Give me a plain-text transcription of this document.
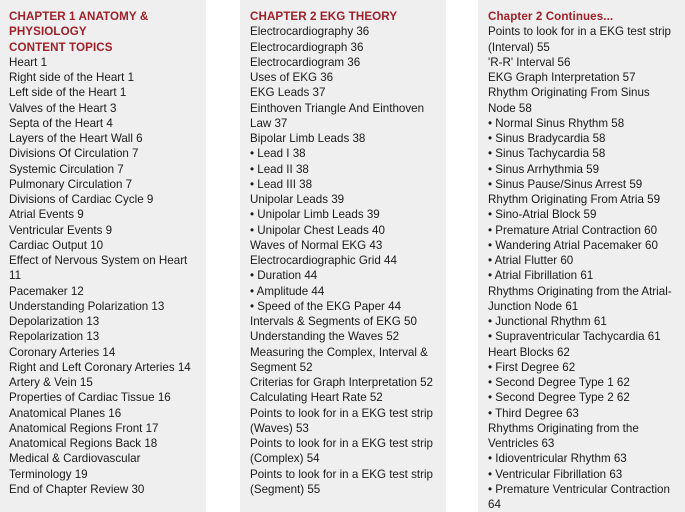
CHAPTER 1 ANATOMY &
PHYSIOLOGY
CONTENT TOPICS
Heart 1
Right side of the Heart 1
Left side of the Heart 1
Valves of the Heart 3
Septa of the Heart 4
Layers of the Heart Wall 6
Divisions Of Circulation 7
Systemic Circulation 7
Pulmonary Circulation 7
Divisions of Cardiac Cycle 9
Atrial Events 9
Ventricular Events 9
Cardiac Output 10
Effect of Nervous System on Heart
11
Pacemaker 12
Understanding Polarization 13
Depolarization 13
Repolarization 13
Coronary Arteries 14
Right and Left Coronary Arteries 14
Artery & Vein 15
Properties of Cardiac Tissue 16
Anatomical Planes 16
Anatomical Regions Front 17
Anatomical Regions Back 18
Medical & Cardiovascular
Terminology 19
End of Chapter Review 30
CHAPTER 2 EKG THEORY
Electrocardiography 36
Electrocardiograph 36
Electrocardiogram 36
Uses of EKG 36
EKG Leads 37
Einthoven Triangle And Einthoven
Law 37
Bipolar Limb Leads 38
• Lead I 38
• Lead II 38
• Lead III 38
Unipolar Leads 39
• Unipolar Limb Leads 39
• Unipolar Chest Leads 40
Waves of Normal EKG 43
Electrocardiographic Grid 44
• Duration 44
• Amplitude 44
• Speed of the EKG Paper 44
Intervals & Segments of EKG 50
Understanding the Waves 52
Measuring the Complex, Interval &
Segment 52
Criterias for Graph Interpretation 52
Calculating Heart Rate 52
Points to look for in a EKG test strip
(Waves) 53
Points to look for in a EKG test strip
(Complex) 54
Points to look for in a EKG test strip
(Segment) 55
Chapter 2 Continues...
Points to look for in a EKG test strip
(Interval) 55
'R-R' Interval 56
EKG Graph Interpretation 57
Rhythm Originating From Sinus
Node 58
• Normal Sinus Rhythm 58
• Sinus Bradycardia 58
• Sinus Tachycardia 58
• Sinus Arrhythmia 59
• Sinus Pause/Sinus Arrest 59
Rhythm Originating From Atria 59
• Sino-Atrial Block 59
• Premature Atrial Contraction 60
• Wandering Atrial Pacemaker 60
• Atrial Flutter 60
• Atrial Fibrillation 61
Rhythms Originating from the Atrial-
Junction Node 61
• Junctional Rhythm 61
• Supraventricular Tachycardia 61
Heart Blocks 62
• First Degree 62
• Second Degree Type 1 62
• Second Degree Type 2 62
• Third Degree 63
Rhythms Originating from the
Ventricles 63
• Idioventricular Rhythm 63
• Ventricular Fibrillation 63
• Premature Ventricular Contraction
64
